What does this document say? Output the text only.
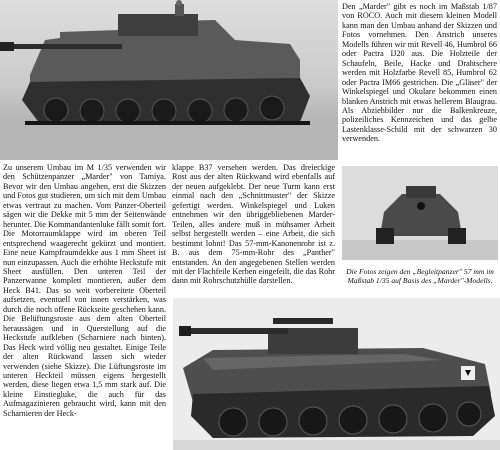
Den „Marder" gibt es noch im Maßstab 1/87 von ROCO. Auch mit diesem kleinen Modell kann man den Umbau anhand der Skizzen und Fotos vornehmen. Den Anstrich unseres Modells führen wir mit Revell 46, Humbrol 66 oder Pactra IJ20 aus. Die Holzteile der Schaufeln, Beile, Hacke und Drahtschere werden mit Holzfarbe Revell 85, Humbrol 62 oder Pactra IM66 gestrichen. Die „Gläser" der Winkelspiegel und Okulare bekommen einen blanken Anstrich mit etwas hellerem Blaugrau. Als Abziehbilder nur die Balkenkreuze, polizeiliches Kennzeichen und das gelbe Lastenklasse-Schild mit der schwarzen 30 verwenden.
Zu unserem Umbau im M 1/35 verwenden wir den Schützenpanzer „Marder" von Tamiya. Bevor wir den Umbau angehen, erst die Skizzen und Fotos gut studieren, um sich mit dem Umbau etwas vertraut zu machen. Vom Panzer-Oberteil sägen wir die Dekke mit 5 mm der Seitenwände herunter. Die Kommandantenluke fällt somit fort. Die Motorraumklappe wird im oberen Teil entsprechend waagerecht gekürzt und montiert. Eine neue Kampfraumdekke aus 1 mm Sheet ist nun einzupassen. Auch die erhöhte Heckstufe mit Sheet ausfüllen. Den unteren Teil der Panzerwanne komplett montieren, außer dem Heck B41. Das so weit vorbereitete Oberteil aufsetzen, eventuell von innen verstärken, was durch die noch offene Rückseite geschehen kann. Die Belüftungsroste aus dem alten Oberteil heraussägen und in Querstellung auf die Heckstufe aufkleben (Scharniere nach hinten). Das Heck wird völlig neu gestaltet. Einige Teile der alten Rückwand lassen sich wieder verwenden (siehe Skizze). Die Lüftungsroste im unteren Heckteil müssen eigens hergestellt werden, diese liegen etwa 1,5 mm stark auf. Die kleine Einstiegluke, die auch für das Aufmagazinieren gebraucht wird, kann mit den Scharnieren der Heck-
klappe B37 versehen werden. Das dreieckige Rost aus der alten Rückwand wird ebenfalls auf der neuen aufgeklebt. Der neue Turm kann erst einmal nach den „Schnittmuster" der Skizze gefertigt werden. Winkelspiegel und Luken entnehmen wir den übriggebliebenen Marder-Teilen, alles andere muß in mühsamer Arbeit selbst hergestellt werden – eine Arbeit, die sich bestimmt lohnt! Das 57-mm-Kanonenrohr ist z. B. aus dem 75-mm-Rohr des „Panther" entstanden. An den angegebenen Stellen werden mit der Flachfeile Kerben eingefeilt, die das Rohr dann mit Rohrschutzhülle darstellen.
Die Fotos zeigen den „Begleitpanzer" 57 mm im Maßstab 1/35 auf Basis des „Marder"-Modells.
